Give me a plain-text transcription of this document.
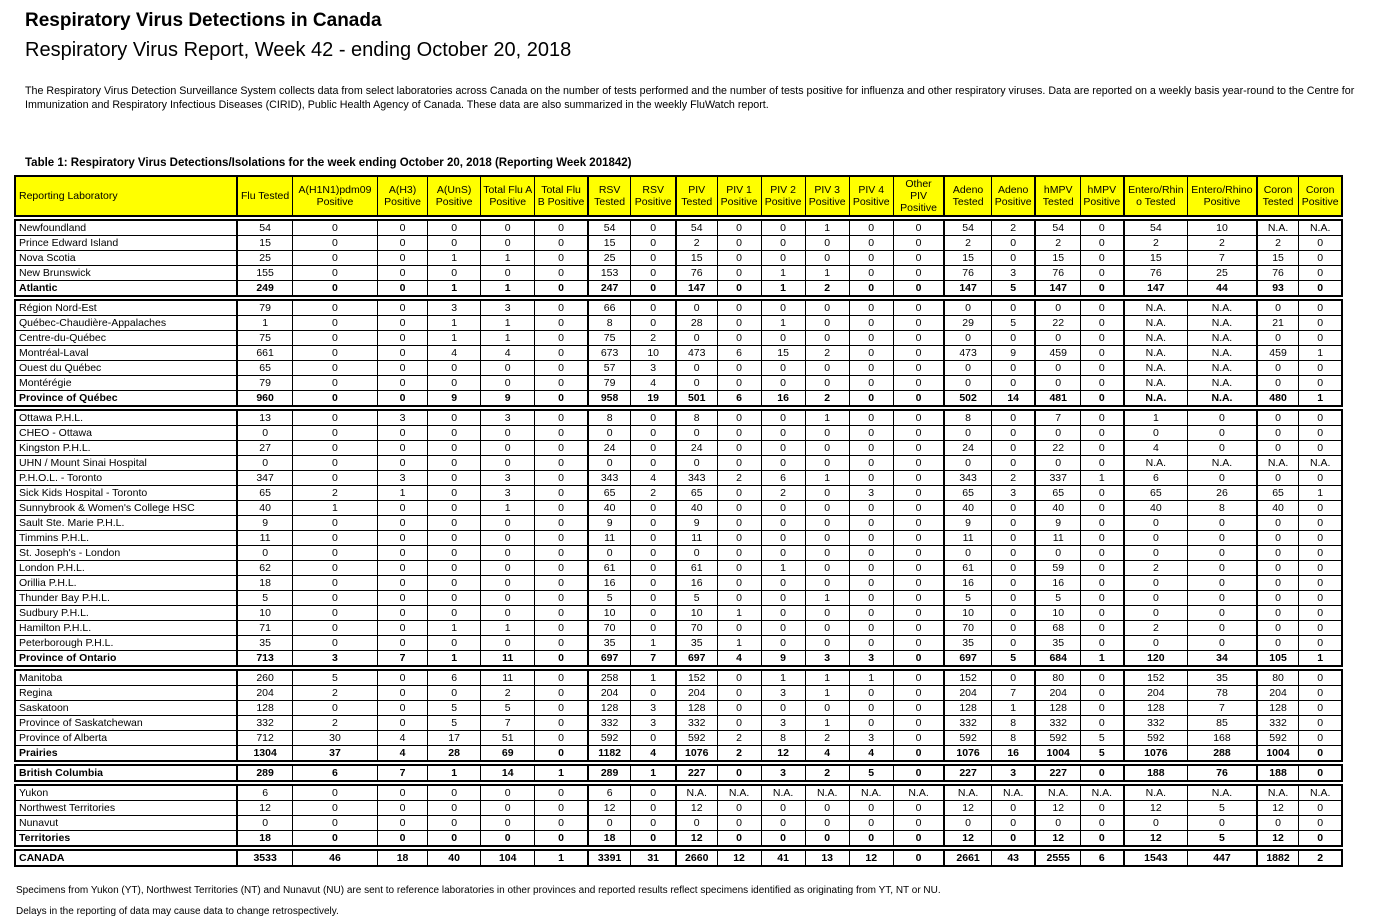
Respiratory Virus Detections in Canada
Respiratory Virus Report, Week 42 - ending October 20, 2018

The Respiratory Virus Detection Surveillance System collects data from select laboratories across Canada on the number of tests performed and the number of tests positive for influenza and other respiratory viruses. Data are reported on a weekly basis year-round to the Centre for Immunization and Respiratory Infectious Diseases (CIRID), Public Health Agency of Canada. These data are also summarized in the weekly FluWatch report.

Table 1: Respiratory Virus Detections/Isolations for the week ending October 20, 2018 (Reporting Week 201842)

Reporting Laboratory	Flu Tested	A(H1N1)pdm09 Positive	A(H3) Positive	A(UnS) Positive	Total Flu A Positive	Total Flu B Positive	RSV Tested	RSV Positive	PIV Tested	PIV 1 Positive	PIV 2 Positive	PIV 3 Positive	PIV 4 Positive	Other PIV Positive	Adeno Tested	Adeno Positive	hMPV Tested	hMPV Positive	Entero/Rhino Tested	Entero/Rhino Positive	Coron Tested	Coron Positive
Newfoundland	54	0	0	0	0	0	54	0	54	0	0	1	0	0	54	2	54	0	54	10	N.A.	N.A.
Prince Edward Island	15	0	0	0	0	0	15	0	2	0	0	0	0	0	2	0	2	0	2	2	2	0
Nova Scotia	25	0	0	1	1	0	25	0	15	0	0	0	0	0	15	0	15	0	15	7	15	0
New Brunswick	155	0	0	0	0	0	153	0	76	0	1	1	0	0	76	3	76	0	76	25	76	0
Atlantic	249	0	0	1	1	0	247	0	147	0	1	2	0	0	147	5	147	0	147	44	93	0
Région Nord-Est	79	0	0	3	3	0	66	0	0	0	0	0	0	0	0	0	0	0	N.A.	N.A.	0	0
Québec-Chaudière-Appalaches	1	0	0	1	1	0	8	0	28	0	1	0	0	0	29	5	22	0	N.A.	N.A.	21	0
Centre-du-Québec	75	0	0	1	1	0	75	2	0	0	0	0	0	0	0	0	0	0	N.A.	N.A.	0	0
Montréal-Laval	661	0	0	4	4	0	673	10	473	6	15	2	0	0	473	9	459	0	N.A.	N.A.	459	1
Ouest du Québec	65	0	0	0	0	0	57	3	0	0	0	0	0	0	0	0	0	0	N.A.	N.A.	0	0
Montérégie	79	0	0	0	0	0	79	4	0	0	0	0	0	0	0	0	0	0	N.A.	N.A.	0	0
Province of Québec	960	0	0	9	9	0	958	19	501	6	16	2	0	0	502	14	481	0	N.A.	N.A.	480	1
Ottawa P.H.L.	13	0	3	0	3	0	8	0	8	0	0	1	0	0	8	0	7	0	1	0	0	0
CHEO - Ottawa	0	0	0	0	0	0	0	0	0	0	0	0	0	0	0	0	0	0	0	0	0	0
Kingston P.H.L.	27	0	0	0	0	0	24	0	24	0	0	0	0	0	24	0	22	0	4	0	0	0
UHN / Mount Sinai Hospital	0	0	0	0	0	0	0	0	0	0	0	0	0	0	0	0	0	0	N.A.	N.A.	N.A.	N.A.
P.H.O.L. - Toronto	347	0	3	0	3	0	343	4	343	2	6	1	0	0	343	2	337	1	6	0	0	0
Sick Kids Hospital - Toronto	65	2	1	0	3	0	65	2	65	0	2	0	3	0	65	3	65	0	65	26	65	1
Sunnybrook & Women's College HSC	40	1	0	0	1	0	40	0	40	0	0	0	0	0	40	0	40	0	40	8	40	0
Sault Ste. Marie P.H.L.	9	0	0	0	0	0	9	0	9	0	0	0	0	0	9	0	9	0	0	0	0	0
Timmins P.H.L.	11	0	0	0	0	0	11	0	11	0	0	0	0	0	11	0	11	0	0	0	0	0
St. Joseph's - London	0	0	0	0	0	0	0	0	0	0	0	0	0	0	0	0	0	0	0	0	0	0
London P.H.L.	62	0	0	0	0	0	61	0	61	0	1	0	0	0	61	0	59	0	2	0	0	0
Orillia P.H.L.	18	0	0	0	0	0	16	0	16	0	0	0	0	0	16	0	16	0	0	0	0	0
Thunder Bay P.H.L.	5	0	0	0	0	0	5	0	5	0	0	1	0	0	5	0	5	0	0	0	0	0
Sudbury P.H.L.	10	0	0	0	0	0	10	0	10	1	0	0	0	0	10	0	10	0	0	0	0	0
Hamilton P.H.L.	71	0	0	1	1	0	70	0	70	0	0	0	0	0	70	0	68	0	2	0	0	0
Peterborough P.H.L.	35	0	0	0	0	0	35	1	35	1	0	0	0	0	35	0	35	0	0	0	0	0
Province of Ontario	713	3	7	1	11	0	697	7	697	4	9	3	3	0	697	5	684	1	120	34	105	1
Manitoba	260	5	0	6	11	0	258	1	152	0	1	1	1	0	152	0	80	0	152	35	80	0
Regina	204	2	0	0	2	0	204	0	204	0	3	1	0	0	204	7	204	0	204	78	204	0
Saskatoon	128	0	0	5	5	0	128	3	128	0	0	0	0	0	128	1	128	0	128	7	128	0
Province of Saskatchewan	332	2	0	5	7	0	332	3	332	0	3	1	0	0	332	8	332	0	332	85	332	0
Province of Alberta	712	30	4	17	51	0	592	0	592	2	8	2	3	0	592	8	592	5	592	168	592	0
Prairies	1304	37	4	28	69	0	1182	4	1076	2	12	4	4	0	1076	16	1004	5	1076	288	1004	0
British Columbia	289	6	7	1	14	1	289	1	227	0	3	2	5	0	227	3	227	0	188	76	188	0
Yukon	6	0	0	0	0	0	6	0	N.A.	N.A.	N.A.	N.A.	N.A.	N.A.	N.A.	N.A.	N.A.	N.A.	N.A.	N.A.	N.A.	N.A.
Northwest Territories	12	0	0	0	0	0	12	0	12	0	0	0	0	0	12	0	12	0	12	5	12	0
Nunavut	0	0	0	0	0	0	0	0	0	0	0	0	0	0	0	0	0	0	0	0	0	0
Territories	18	0	0	0	0	0	18	0	12	0	0	0	0	0	12	0	12	0	12	5	12	0
CANADA	3533	46	18	40	104	1	3391	31	2660	12	41	13	12	0	2661	43	2555	6	1543	447	1882	2

Specimens from Yukon (YT), Northwest Territories (NT) and Nunavut (NU) are sent to reference laboratories in other provinces and reported results reflect specimens identified as originating from YT, NT or NU.

Delays in the reporting of data may cause data to change retrospectively.
